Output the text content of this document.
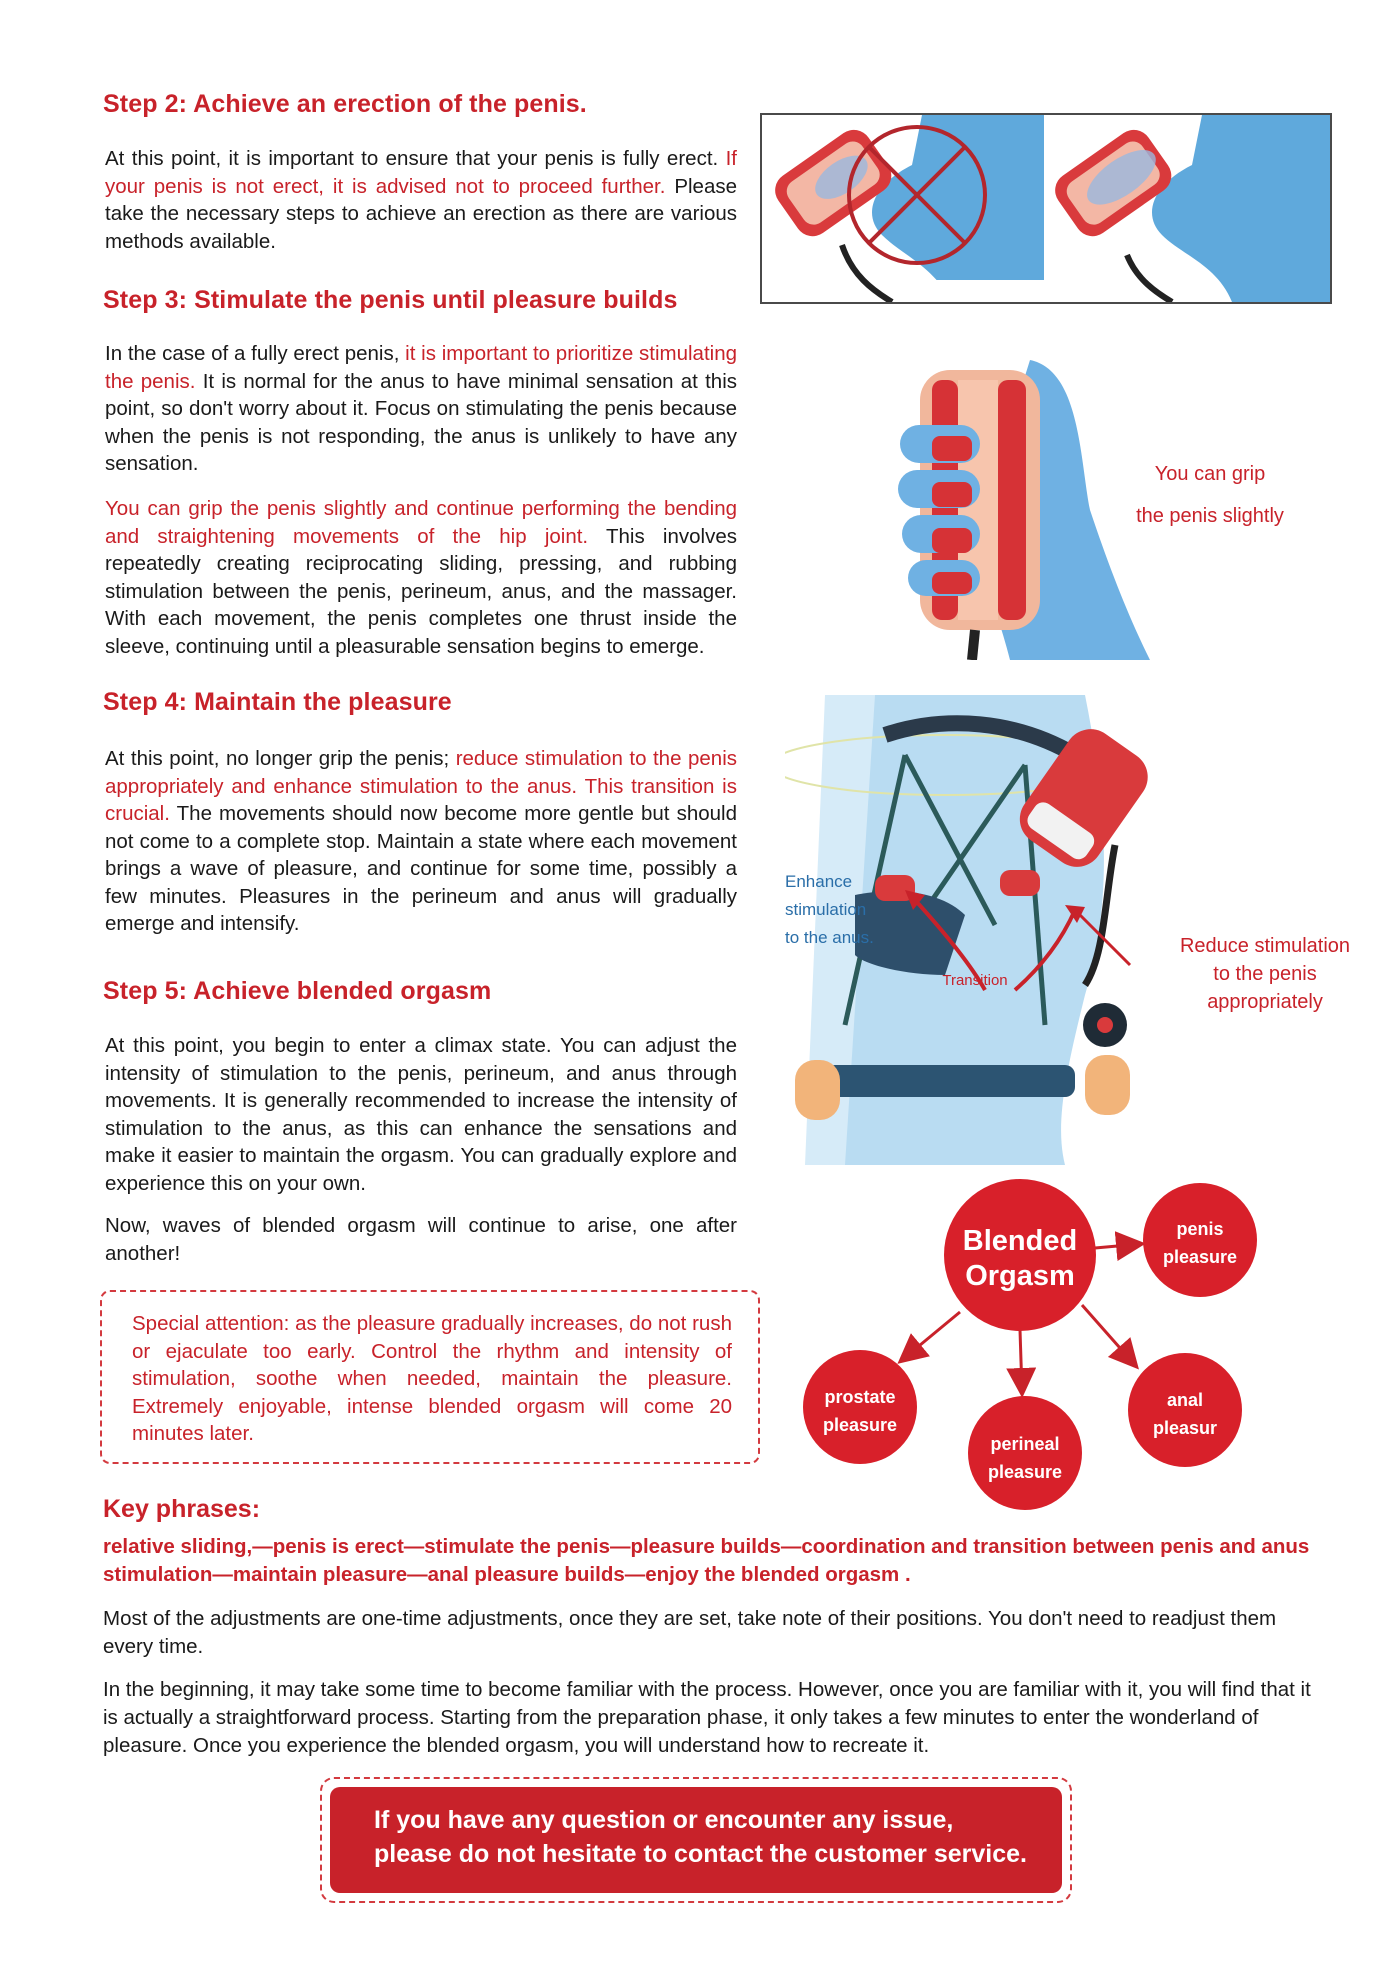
Step 2: Achieve an erection of the penis.

At this point, it is important to ensure that your penis is fully erect. If your penis is not erect, it is advised not to proceed further. Please take the necessary steps to achieve an erection as there are various methods available.

Step 3: Stimulate the penis until pleasure builds

In the case of a fully erect penis, it is important to prioritize stimulating the penis. It is normal for the anus to have minimal sensation at this point, so don't worry about it. Focus on stimulating the penis because when the penis is not responding, the anus is unlikely to have any sensation.

You can grip the penis slightly and continue performing the bending and straightening movements of the hip joint. This involves repeatedly creating reciprocating sliding, pressing, and rubbing stimulation between the penis, perineum, anus, and the massager. With each movement, the penis completes one thrust inside the sleeve, continuing until a pleasurable sensation begins to emerge.

You can grip
the penis slightly
Step 4: Maintain the pleasure

At this point, no longer grip the penis; reduce stimulation to the penis appropriately and enhance stimulation to the anus. This transition is crucial. The movements should now become more gentle but should not come to a complete stop. Maintain a state where each movement brings a wave of pleasure, and continue for some time, possibly a few minutes. Pleasures in the perineum and anus will gradually emerge and intensify.

Transition
Enhance
stimulation
to the anus.	Reduce stimulation
to the penis
appropriately
Step 5: Achieve blended orgasm

At this point, you begin to enter a climax state. You can adjust the intensity of stimulation to the penis, perineum, and anus through movements. It is generally recommended to increase the intensity of stimulation to the anus, as this can enhance the sensations and make it easier to maintain the orgasm. You can gradually explore and experience this on your own.

Now, waves of blended orgasm will continue to arise, one after another!

Special attention: as the pleasure gradually increases, do not rush or ejaculate too early. Control the rhythm and intensity of stimulation, soothe when needed, maintain the pleasure. Extremely enjoyable, intense blended orgasm will come 20 minutes later.

Blended
Orgasm
penis
pleasure
prostate
pleasure
perineal
pleasure
anal
pleasur
Key phrases:

relative sliding,—penis is erect—stimulate the penis—pleasure builds—coordination and transition between penis and anus stimulation—maintain pleasure—anal pleasure builds—enjoy the blended orgasm .

Most of the adjustments are one-time adjustments, once they are set, take note of their positions. You don't need to readjust them every time.

In the beginning, it may take some time to become familiar with the process. However, once you are familiar with it, you will find that it is actually a straightforward process. Starting from the preparation phase, it only takes a few minutes to enter the wonderland of pleasure. Once you experience the blended orgasm, you will understand how to recreate it.

If you have any question or encounter any issue,
please do not hesitate to contact the customer service.
